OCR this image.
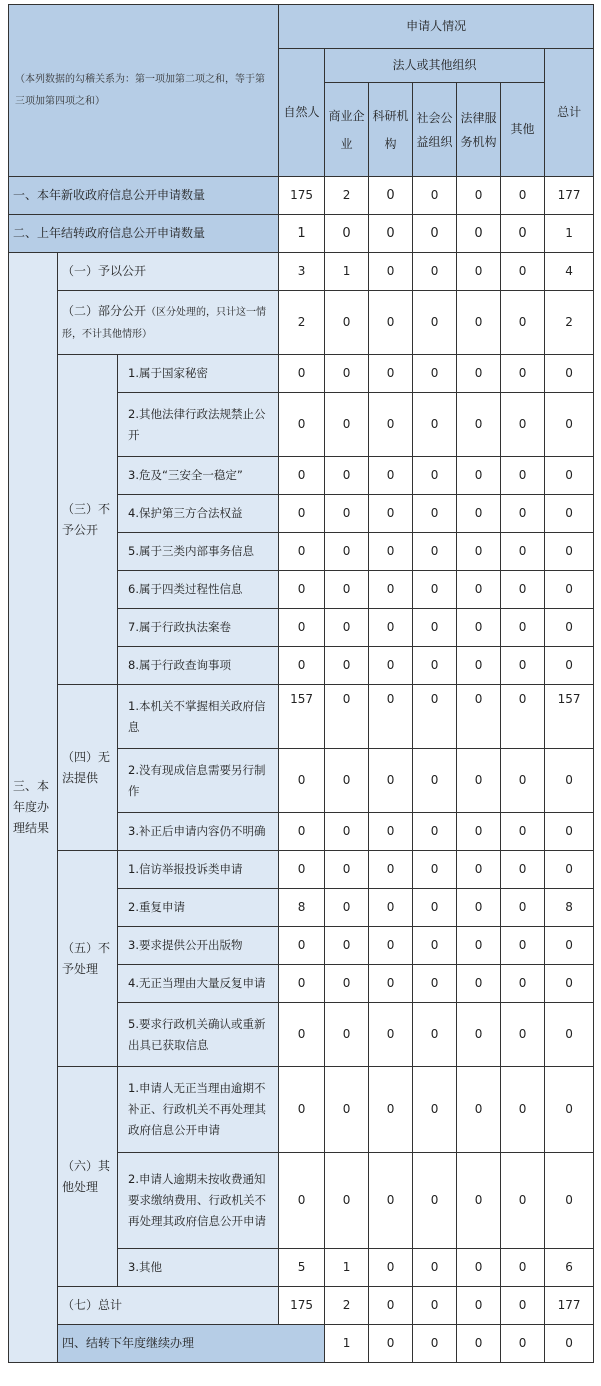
（本列数据的勾稽关系为：第一项加第二项之和，等于第三项加第四项之和）			申请人情况							
			自然人	法人或其他组织					总计	
				商业企业	科研机构	社会公益组织	法律服务机构	其他		

一、本年新收政府信息公开申请数量			175	2	0	0	0	0	177	
二、上年结转政府信息公开申请数量			1	0	0	0	0	0	1	
三、本年度办理结果	（一）予以公开		3	1	0	0	0	0	4	
	（二）部分公开（区分处理的，只计这一情形，不计其他情形）		2	0	0	0	0	0	2	
	（三）不予公开	1.属于国家秘密	0	0	0	0	0	0	0	
		2.其他法律行政法规禁止公开	0	0	0	0	0	0	0	
		3.危及“三安全一稳定”	0	0	0	0	0	0	0	
		4.保护第三方合法权益	0	0	0	0	0	0	0	
		5.属于三类内部事务信息	0	0	0	0	0	0	0	
		6.属于四类过程性信息	0	0	0	0	0	0	0	
		7.属于行政执法案卷	0	0	0	0	0	0	0	
		8.属于行政查询事项	0	0	0	0	0	0	0	
	（四）无法提供	1.本机关不掌握相关政府信息	157	0	0	0	0	0	157	
		2.没有现成信息需要另行制作	0	0	0	0	0	0	0	
		3.补正后申请内容仍不明确	0	0	0	0	0	0	0	
	（五）不予处理	1.信访举报投诉类申请	0	0	0	0	0	0	0	
		2.重复申请	8	0	0	0	0	0	8	
		3.要求提供公开出版物	0	0	0	0	0	0	0	
		4.无正当理由大量反复申请	0	0	0	0	0	0	0	
		5.要求行政机关确认或重新出具已获取信息	0	0	0	0	0	0	0	
	（六）其他处理	1.申请人无正当理由逾期不补正、行政机关不再处理其政府信息公开申请	0	0	0	0	0	0	0	
		2.申请人逾期未按收费通知要求缴纳费用、行政机关不再处理其政府信息公开申请	0	0	0	0	0	0	0	
		3.其他	5	1	0	0	0	0	6	
	（七）总计		175	2	0	0	0	0	177	
	四、结转下年度继续办理			1	0	0	0	0	0	
